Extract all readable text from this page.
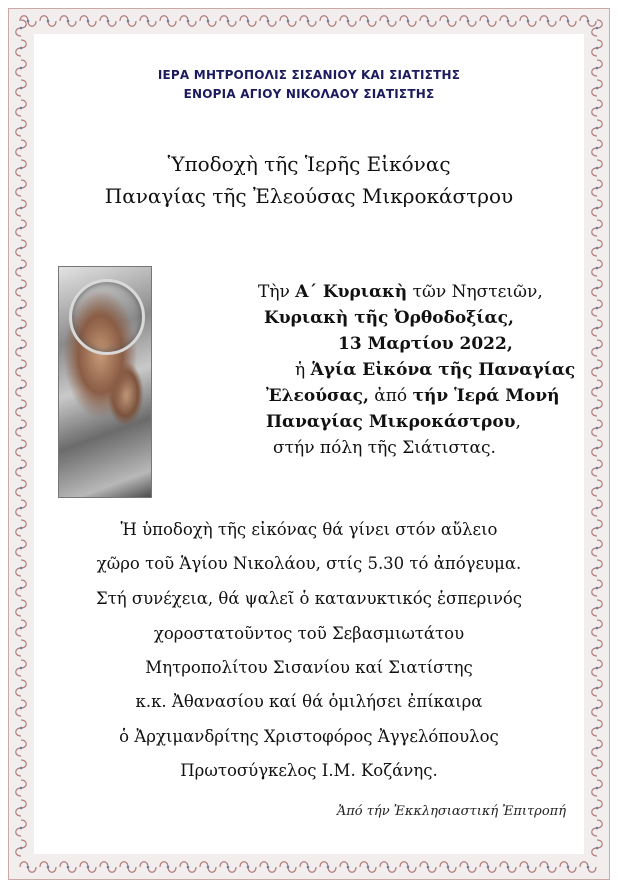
ΙΕΡΑ ΜΗΤΡΟΠΟΛΙΣ ΣΙΣΑΝΙΟΥ ΚΑΙ ΣΙΑΤΙΣΤΗΣ
ΕΝΟΡΙΑ ΑΓΙΟΥ ΝΙΚΟΛΑΟΥ ΣΙΑΤΙΣΤΗΣ
Ὑποδοχὴ τῆς Ἱερῆς Εἰκόνας
Παναγίας τῆς Ἐλεούσας Μικροκάστρου
Τὴν Α΄ Κυριακὴ τῶν Νηστειῶν,
Κυριακὴ τῆς Ὀρθοδοξίας,
13 Μαρτίου 2022,
ἡ Ἁγία Εἰκόνα τῆς Παναγίας
Ἐλεούσας, ἀπό τήν Ἱερά Μονή
Παναγίας Μικροκάστρου,
στήν πόλη τῆς Σιάτιστας.
Ἡ ὑποδοχὴ τῆς εἰκόνας θά γίνει στόν αὔλειο
χῶρο τοῦ Ἁγίου Νικολάου, στίς 5.30 τό ἀπόγευμα.
Στή συνέχεια, θά ψαλεῖ ὁ κατανυκτικός ἑσπερινός
χοροστατοῦντος τοῦ Σεβασμιωτάτου
Μητροπολίτου Σισανίου καί Σιατίστης
κ.κ. Ἀθανασίου καί θά ὁμιλήσει ἐπίκαιρα
ὁ Ἀρχιμανδρίτης Χριστοφόρος Ἀγγελόπουλος
Πρωτοσύγκελος Ι.Μ. Κοζάνης.
Ἀπό τήν Ἐκκλησιαστική Ἐπιτροπή
